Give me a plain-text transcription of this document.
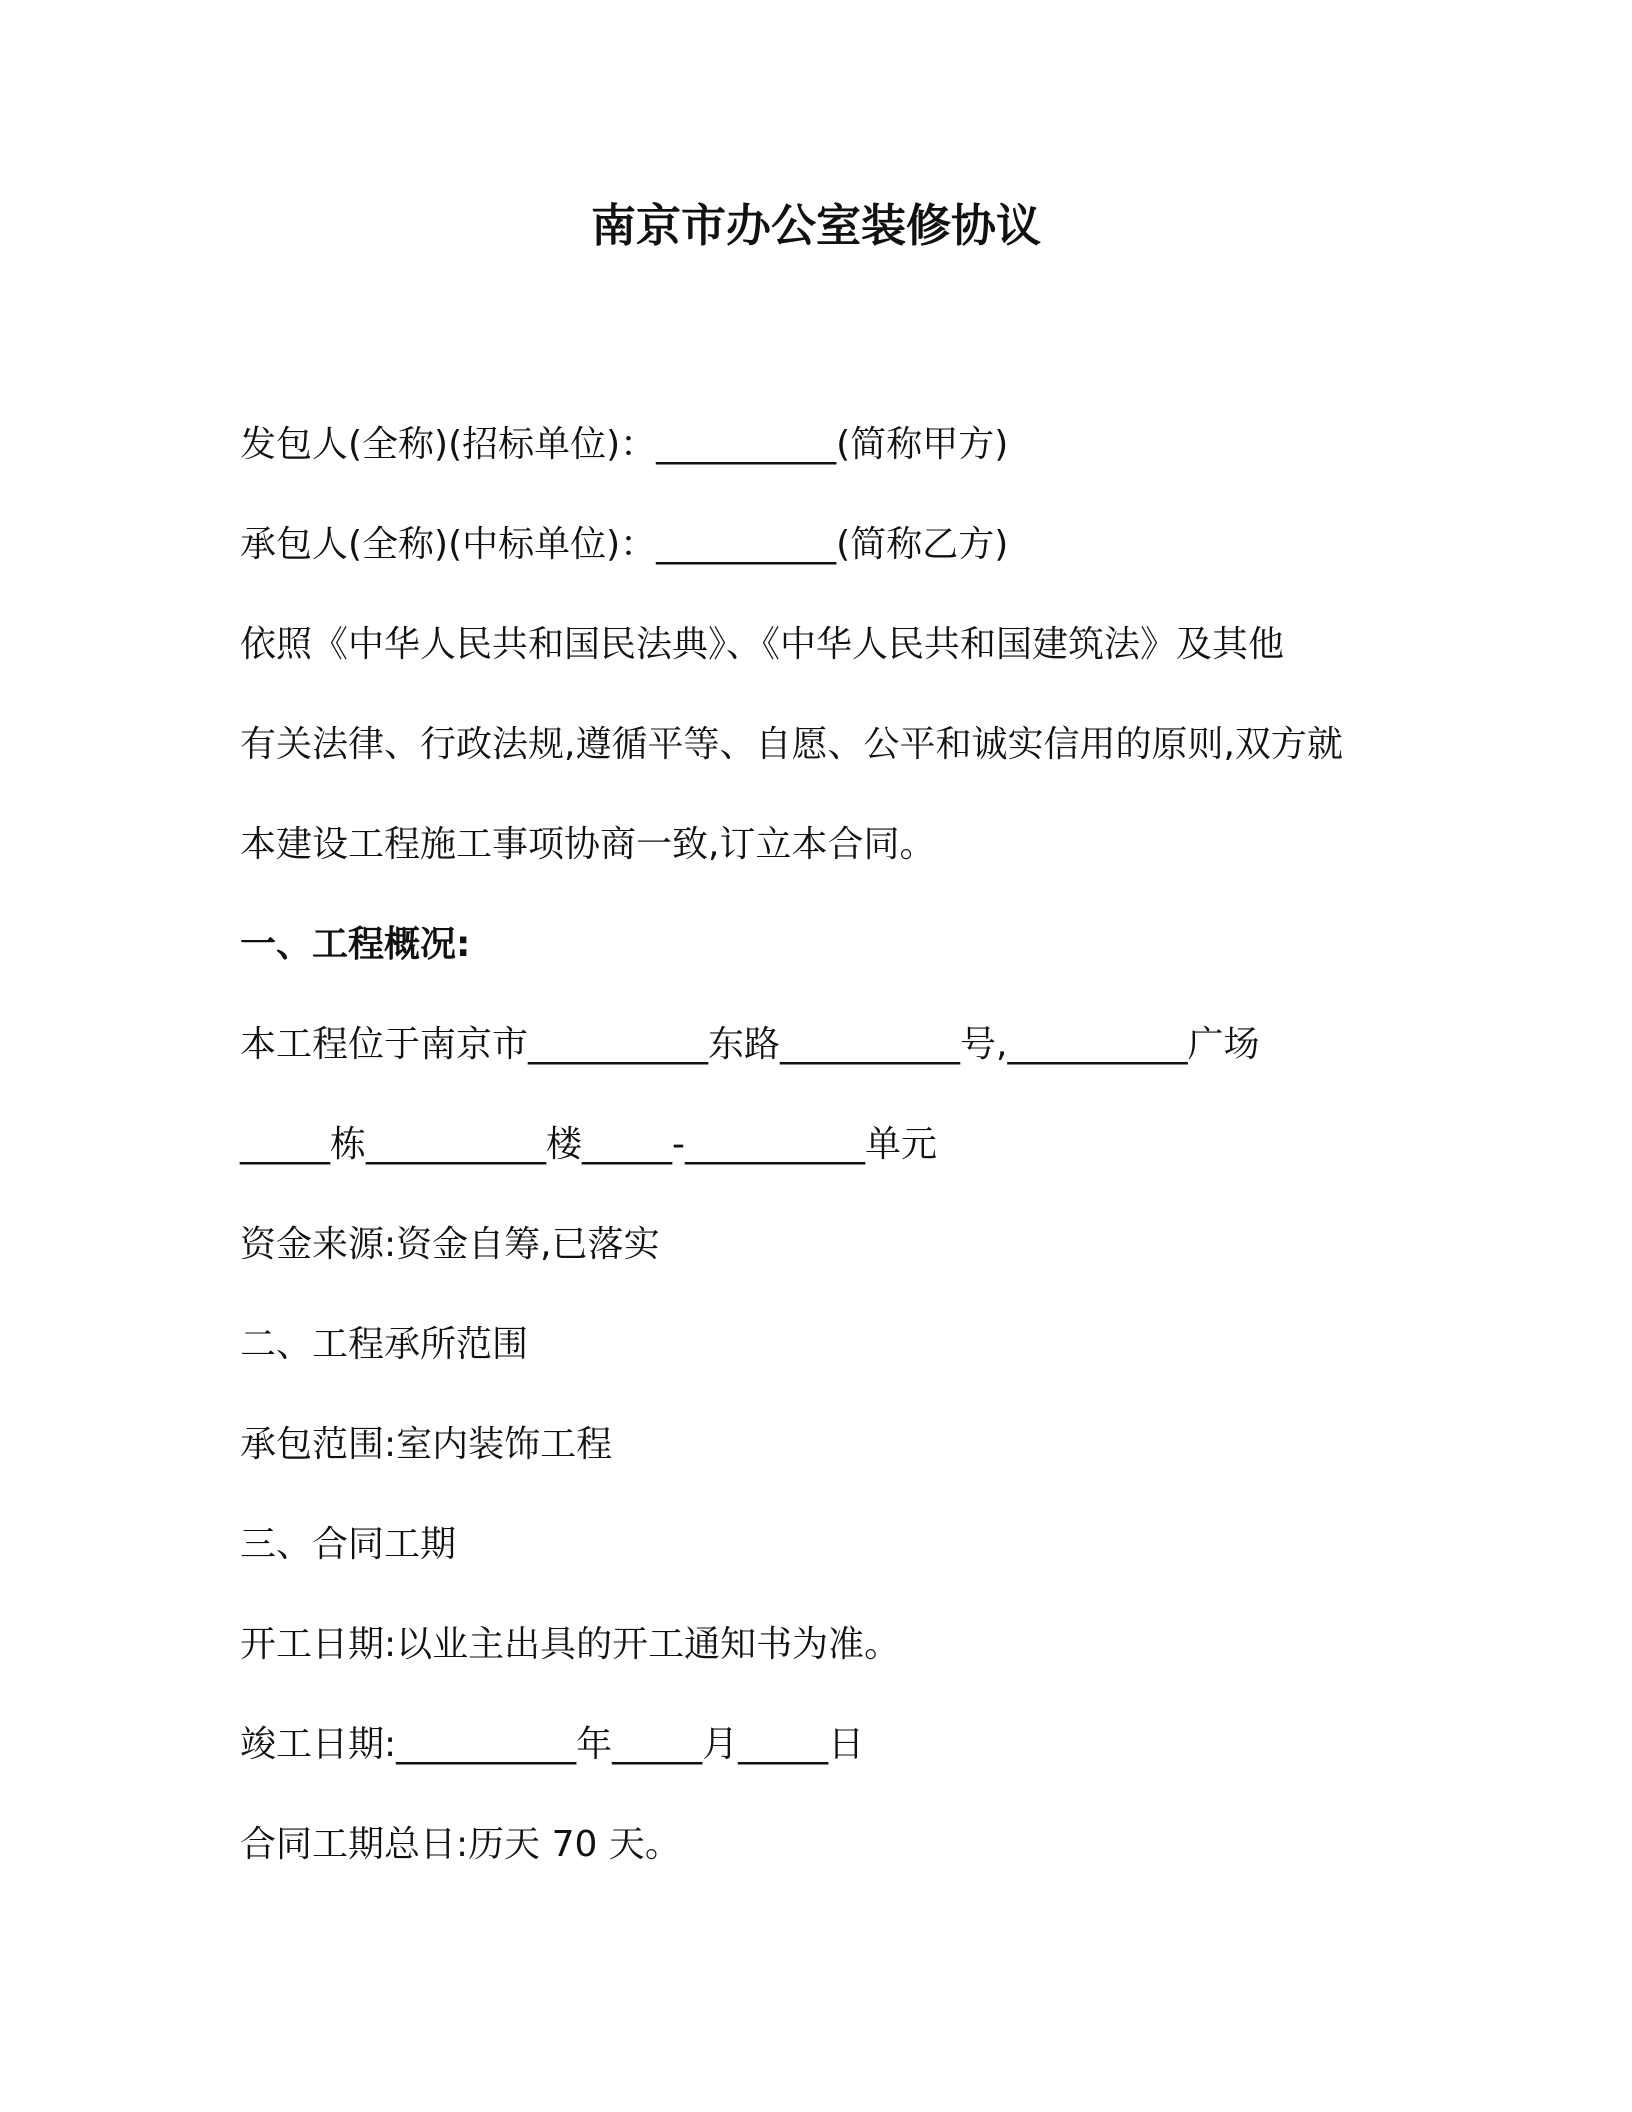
南京市办公室装修协议
发包人(全称)(招标单位)：__________(简称甲方)
承包人(全称)(中标单位)：__________(简称乙方)
依照《中华人民共和国民法典》、《中华人民共和国建筑法》及其他
有关法律、行政法规,遵循平等、自愿、公平和诚实信用的原则,双方就
本建设工程施工事项协商一致,订立本合同。
一、工程概况:
本工程位于南京市__________东路__________号,__________广场
_____栋__________楼_____-__________单元
资金来源:资金自筹,已落实
二、工程承所范围
承包范围:室内装饰工程
三、合同工期
开工日期:以业主出具的开工通知书为准。
竣工日期:__________年_____月_____日
合同工期总日:历天 70 天。
